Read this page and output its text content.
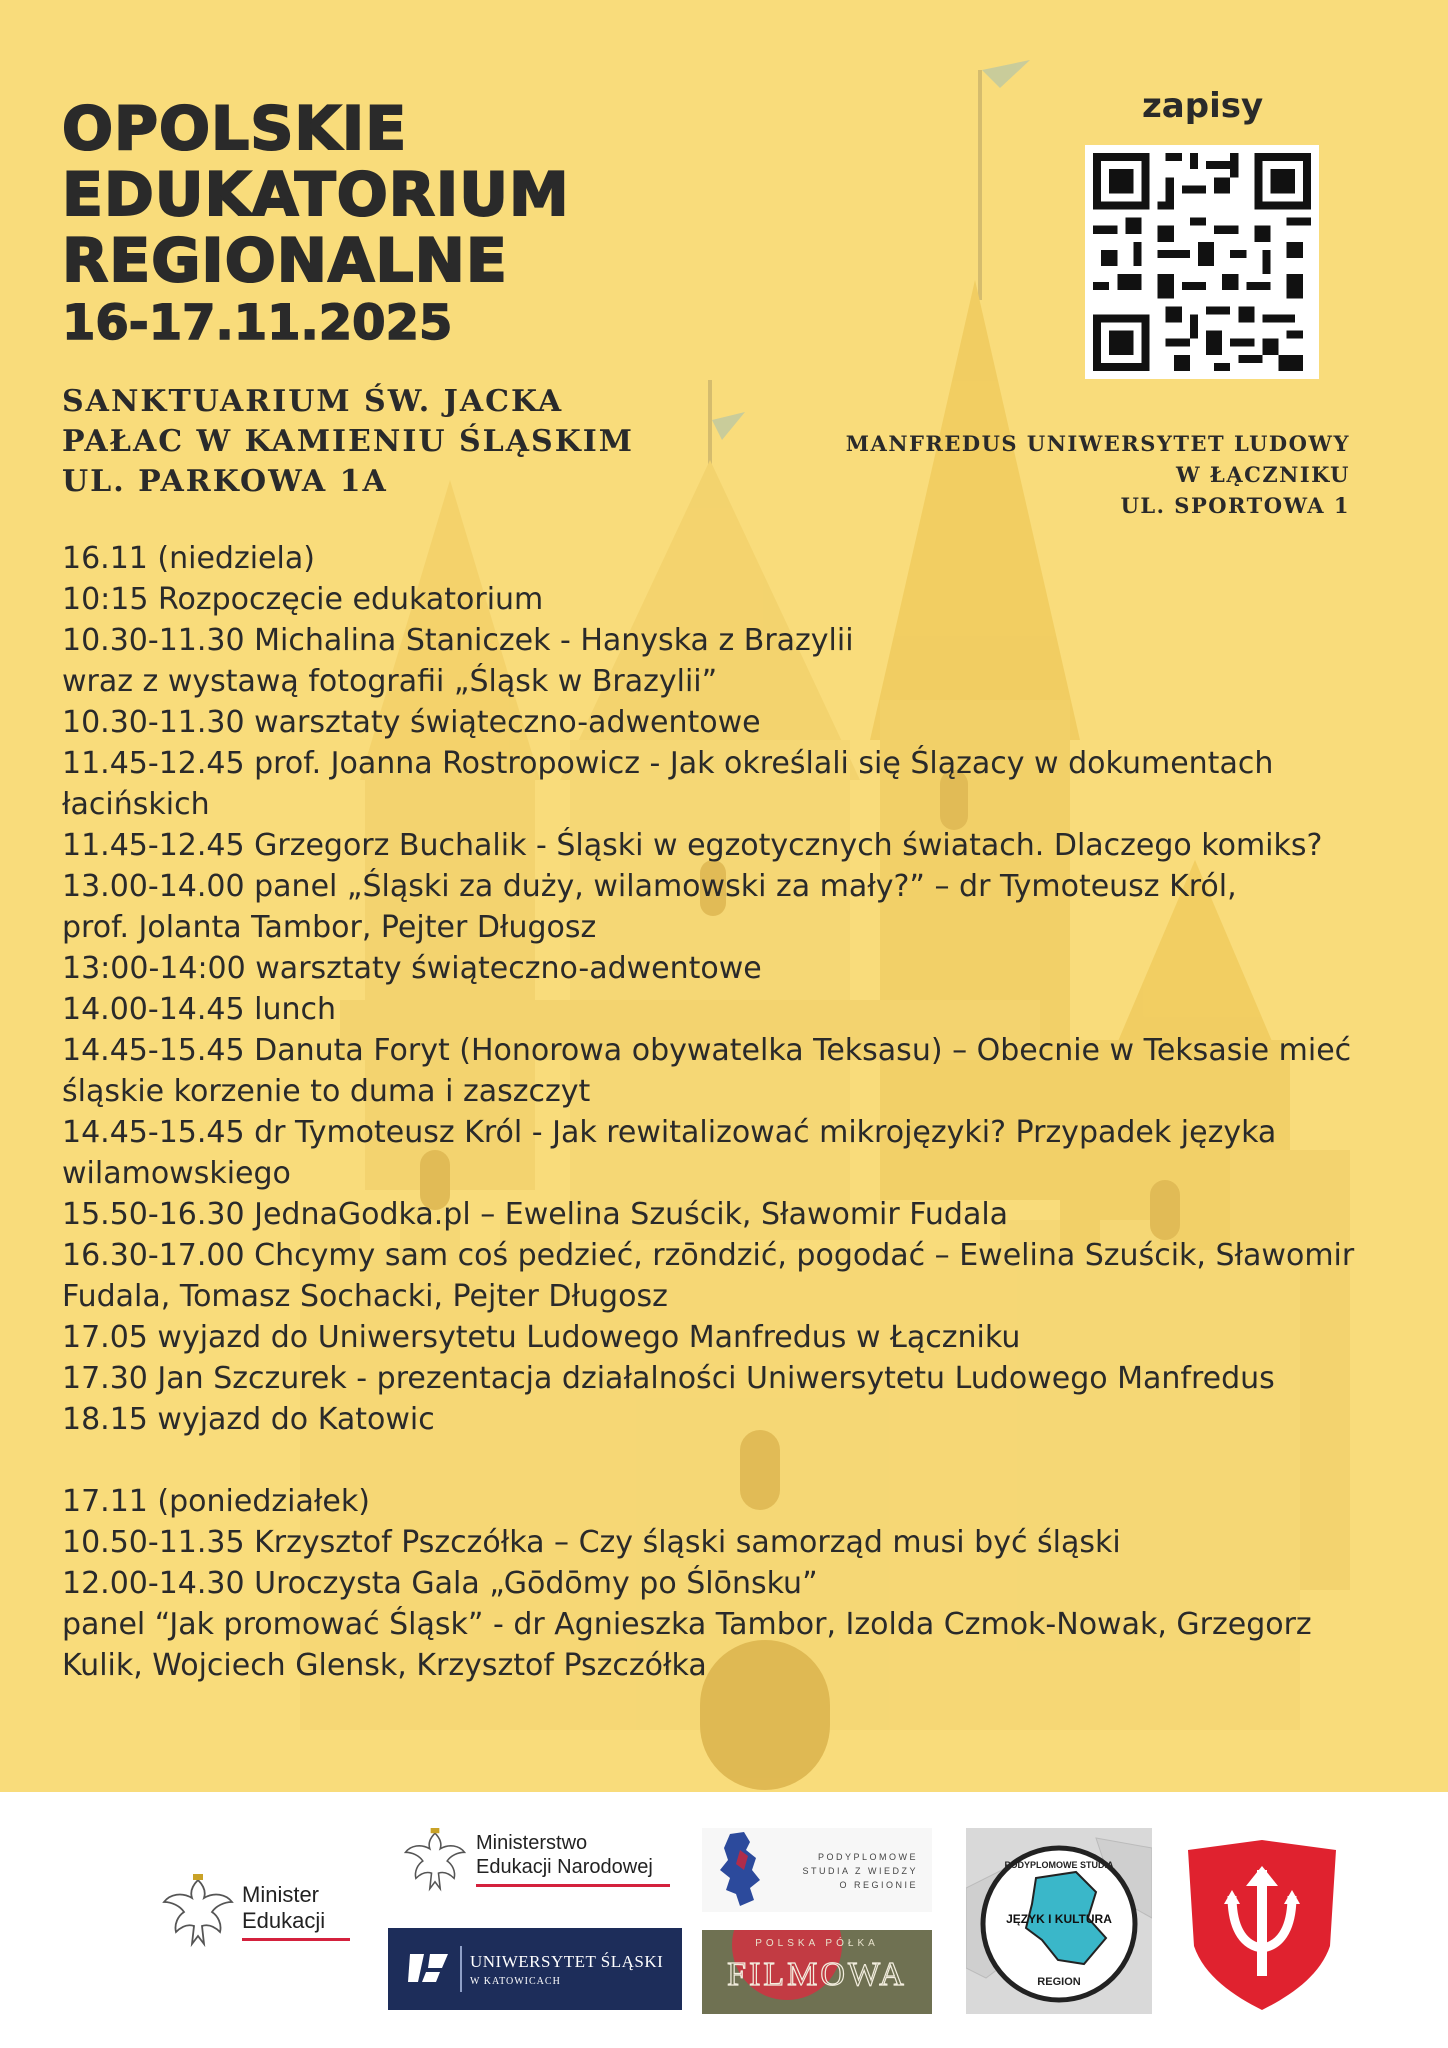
OPOLSKIE
EDUKATORIUM
REGIONALNE
16-17.11.2025
SANKTUARIUM ŚW. JACKA
PAŁAC W KAMIENIU ŚLĄSKIM
UL. PARKOWA 1A
zapisy
MANFREDUS UNIWERSYTET LUDOWY
W ŁĄCZNIKU
UL. SPORTOWA 1
16.11 (niedziela)
10:15 Rozpoczęcie edukatorium
10.30-11.30 Michalina Staniczek - Hanyska z Brazylii
wraz z wystawą fotografii „Śląsk w Brazylii”
10.30-11.30 warsztaty świąteczno-adwentowe
11.45-12.45 prof. Joanna Rostropowicz - Jak określali się Ślązacy w dokumentach
łacińskich
11.45-12.45 Grzegorz Buchalik - Śląski w egzotycznych światach. Dlaczego komiks?
13.00-14.00 panel „Śląski za duży, wilamowski za mały?” – dr Tymoteusz Król,
prof. Jolanta Tambor, Pejter Długosz
13:00-14:00 warsztaty świąteczno-adwentowe
14.00-14.45 lunch
14.45-15.45 Danuta Foryt (Honorowa obywatelka Teksasu) – Obecnie w Teksasie mieć
śląskie korzenie to duma i zaszczyt
14.45-15.45 dr Tymoteusz Król - Jak rewitalizować mikrojęzyki? Przypadek języka
wilamowskiego
15.50-16.30 JednaGodka.pl – Ewelina Szuścik, Sławomir Fudala
16.30-17.00 Chcymy sam coś pedzieć, rzōndzić, pogodać – Ewelina Szuścik, Sławomir
Fudala, Tomasz Sochacki, Pejter Długosz
17.05 wyjazd do Uniwersytetu Ludowego Manfredus w Łączniku
17.30 Jan Szczurek - prezentacja działalności Uniwersytetu Ludowego Manfredus
18.15 wyjazd do Katowic
17.11 (poniedziałek)
10.50-11.35 Krzysztof Pszczółka – Czy śląski samorząd musi być śląski
12.00-14.30 Uroczysta Gala „Gōdōmy po Ślōnsku”
panel “Jak promować Śląsk” - dr Agnieszka Tambor, Izolda Czmok-Nowak, Grzegorz
Kulik, Wojciech Glensk, Krzysztof Pszczółka
Minister
Edukacji
Ministerstwo
Edukacji Narodowej
UNIWERSYTET ŚLĄSKI
W KATOWICACH
PODYPLOMOWE
STUDIA Z WIEDZY
O REGIONIE
POLSKA PÓŁKA
FILMOWA
PODYPLOMOWE STUDIA
JĘZYK I KULTURA
REGION
